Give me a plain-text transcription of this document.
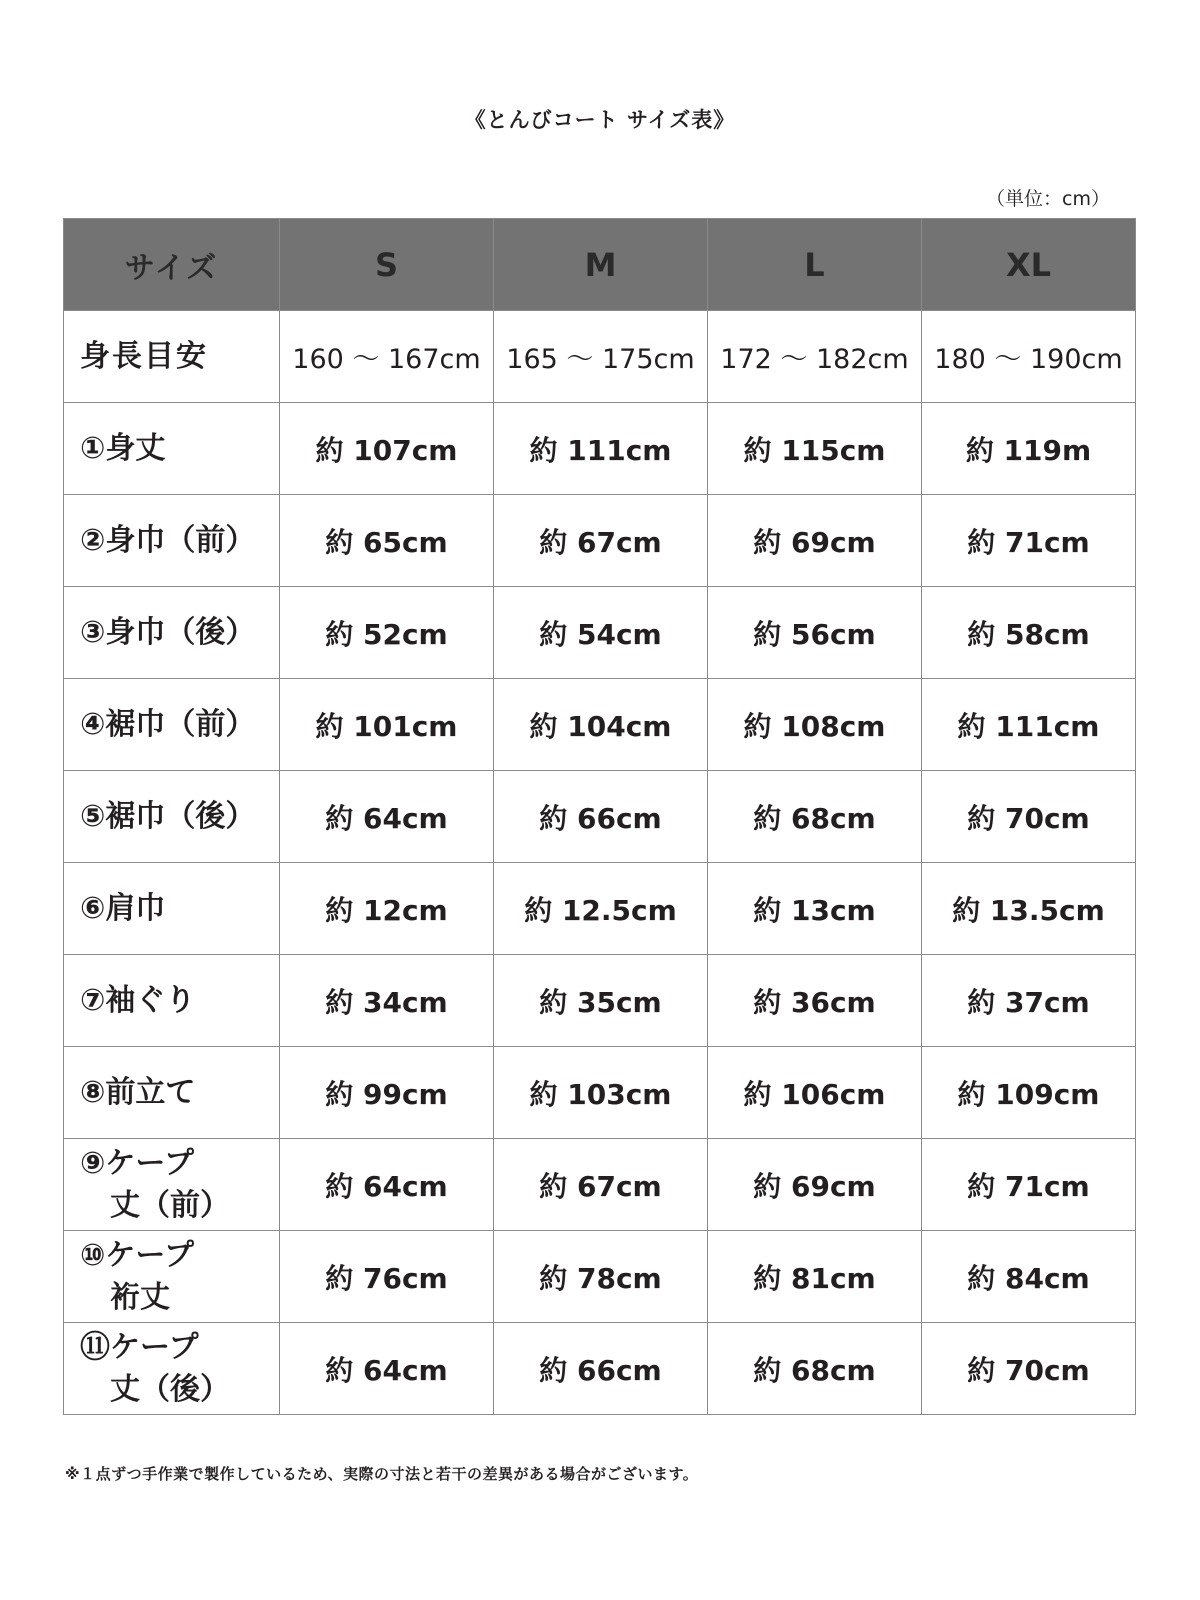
《とんびコート サイズ表》
（単位：cm）
サイズ	S	M	L	XL
身長目安	160 ～ 167cm	165 ～ 175cm	172 ～ 182cm	180 ～ 190cm
①身丈	約 107cm	約 111cm	約 115cm	約 119m
②身巾（前）	約 65cm	約 67cm	約 69cm	約 71cm
③身巾（後）	約 52cm	約 54cm	約 56cm	約 58cm
④裾巾（前）	約 101cm	約 104cm	約 108cm	約 111cm
⑤裾巾（後）	約 64cm	約 66cm	約 68cm	約 70cm
⑥肩巾	約 12cm	約 12.5cm	約 13cm	約 13.5cm
⑦袖ぐり	約 34cm	約 35cm	約 36cm	約 37cm
⑧前立て	約 99cm	約 103cm	約 106cm	約 109cm
⑨ケープ
　丈（前）	約 64cm	約 67cm	約 69cm	約 71cm
⑩ケープ
　裄丈	約 76cm	約 78cm	約 81cm	約 84cm
⑪ケープ
　丈（後）	約 64cm	約 66cm	約 68cm	約 70cm
※１点ずつ手作業で製作しているため、実際の寸法と若干の差異がある場合がございます。
